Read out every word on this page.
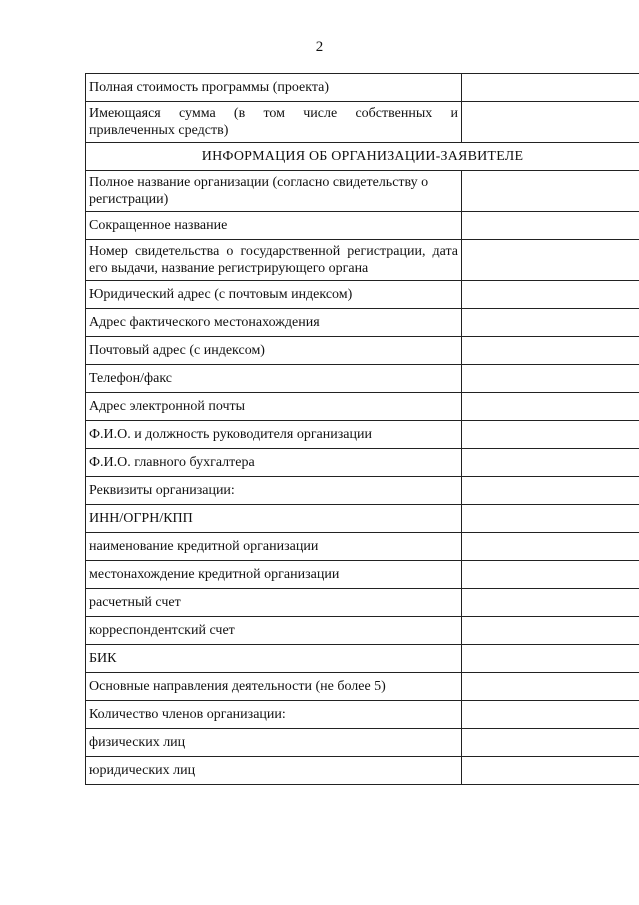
2
Полная стоимость программы (проекта)	
Имеющаяся сумма (в том числе собственных и привлеченных средств)	
ИНФОРМАЦИЯ ОБ ОРГАНИЗАЦИИ-ЗАЯВИТЕЛЕ	
Полное название организации (согласно свидетельству о регистрации)	
Сокращенное название	
Номер свидетельства о государственной регистрации, дата его выдачи, название регистрирующего органа	
Юридический адрес (с почтовым индексом)	
Адрес фактического местонахождения	
Почтовый адрес (с индексом)	
Телефон/факс	
Адрес электронной почты	
Ф.И.О. и должность руководителя организации	
Ф.И.О. главного бухгалтера	
Реквизиты организации:	
ИНН/ОГРН/КПП	
наименование кредитной организации	
местонахождение кредитной организации	
расчетный счет	
корреспондентский счет	
БИК	
Основные направления деятельности (не более 5)	
Количество членов организации:	
физических лиц	
юридических лиц	
